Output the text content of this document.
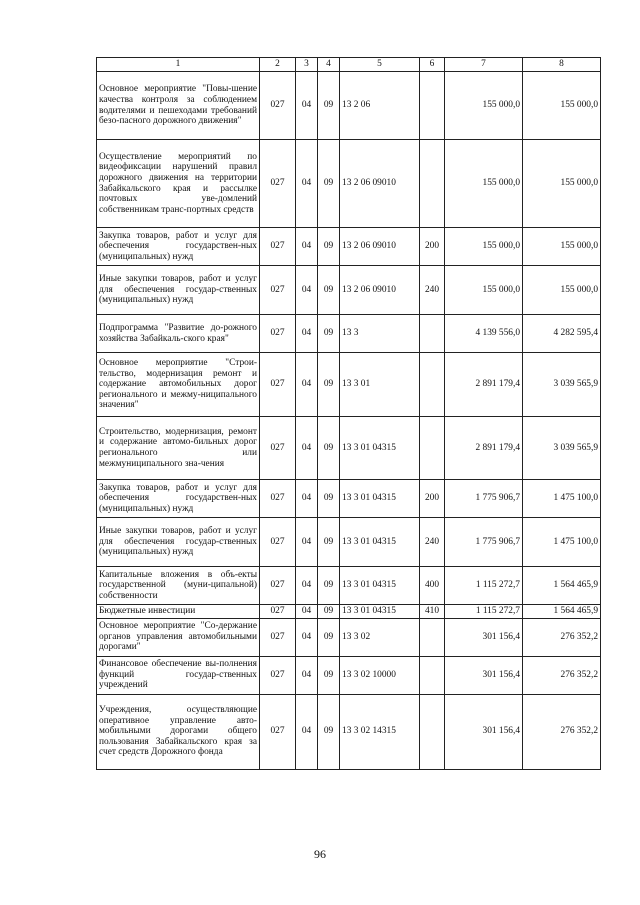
1	2	3	4	5	6	7	8
Основное мероприятие "Повы-шение качества контроля за соблюдением водителями и пешеходами требований безо-пасного дорожного движения"	027	04	09	13 2 06		155 000,0	155 000,0
Осуществление мероприятий по видеофиксации нарушений правил дорожного движения на территории Забайкальского края и рассылке почтовых уве-домлений собственникам транс-портных средств	027	04	09	13 2 06 09010		155 000,0	155 000,0
Закупка товаров, работ и услуг для обеспечения государствен-ных (муниципальных) нужд	027	04	09	13 2 06 09010	200	155 000,0	155 000,0
Иные закупки товаров, работ и услуг для обеспечения государ-ственных (муниципальных) нужд	027	04	09	13 2 06 09010	240	155 000,0	155 000,0
Подпрограмма "Развитие до-рожного хозяйства Забайкаль-ского края"	027	04	09	13 3		4 139 556,0	4 282 595,4
Основное мероприятие "Строи-тельство, модернизация ремонт и содержание автомобильных дорог регионального и межму-ниципального значения"	027	04	09	13 3 01		2 891 179,4	3 039 565,9
Строительство, модернизация, ремонт и содержание автомо-бильных дорог регионального или межмуниципального зна-чения	027	04	09	13 3 01 04315		2 891 179,4	3 039 565,9
Закупка товаров, работ и услуг для обеспечения государствен-ных (муниципальных) нужд	027	04	09	13 3 01 04315	200	1 775 906,7	1 475 100,0
Иные закупки товаров, работ и услуг для обеспечения государ-ственных (муниципальных) нужд	027	04	09	13 3 01 04315	240	1 775 906,7	1 475 100,0
Капитальные вложения в объ-екты государственной (муни-ципальной) собственности	027	04	09	13 3 01 04315	400	1 115 272,7	1 564 465,9
Бюджетные инвестиции	027	04	09	13 3 01 04315	410	1 115 272,7	1 564 465,9
Основное мероприятие "Со-держание органов управления автомобильными дорогами"	027	04	09	13 3 02		301 156,4	276 352,2
Финансовое обеспечение вы-полнения функций государ-ственных учреждений	027	04	09	13 3 02 10000		301 156,4	276 352,2
Учреждения, осуществляющие оперативное управление авто-мобильными дорогами общего пользования Забайкальского края за счет средств Дорожного фонда	027	04	09	13 3 02 14315		301 156,4	276 352,2
96
